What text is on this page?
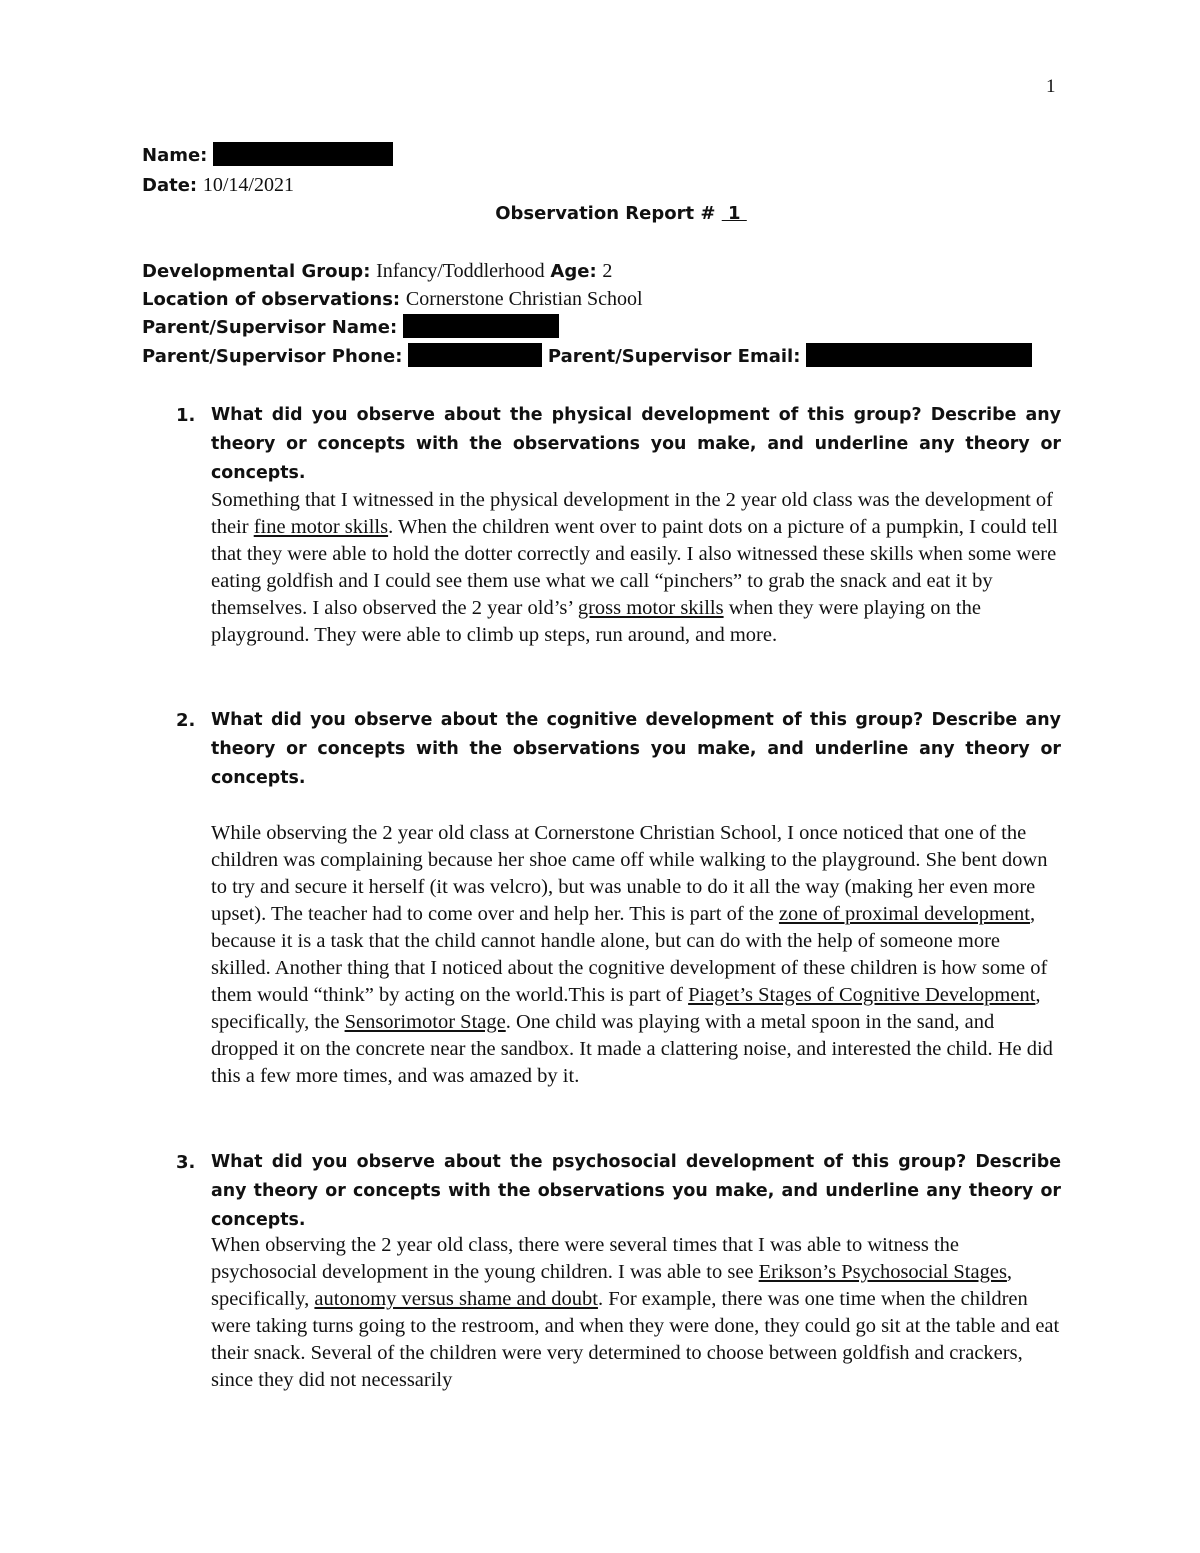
1
Name:
Date: 10/14/2021
Observation Report #  1
Developmental Group: Infancy/Toddlerhood Age: 2
Location of observations: Cornerstone Christian School
Parent/Supervisor Name:
Parent/Supervisor Phone:	Parent/Supervisor Email:
1. What did you observe about the physical development of this group? Describe any theory or concepts with the observations you make, and underline any theory or concepts.
Something that I witnessed in the physical development in the 2 year old class was the development of their fine motor skills. When the children went over to paint dots on a picture of a pumpkin, I could tell that they were able to hold the dotter correctly and easily. I also witnessed these skills when some were eating goldfish and I could see them use what we call “pinchers” to grab the snack and eat it by themselves. I also observed the 2 year old’s’ gross motor skills when they were playing on the playground. They were able to climb up steps, run around, and more.
2. What did you observe about the cognitive development of this group? Describe any theory or concepts with the observations you make, and underline any theory or concepts.
While observing the 2 year old class at Cornerstone Christian School, I once noticed that one of the children was complaining because her shoe came off while walking to the playground. She bent down to try and secure it herself (it was velcro), but was unable to do it all the way (making her even more upset). The teacher had to come over and help her. This is part of the zone of proximal development, because it is a task that the child cannot handle alone, but can do with the help of someone more skilled. Another thing that I noticed about the cognitive development of these children is how some of them would “think” by acting on the world.This is part of Piaget’s Stages of Cognitive Development, specifically, the Sensorimotor Stage. One child was playing with a metal spoon in the sand, and dropped it on the concrete near the sandbox. It made a clattering noise, and interested the child. He did this a few more times, and was amazed by it.
3. What did you observe about the psychosocial development of this group? Describe any theory or concepts with the observations you make, and underline any theory or concepts.
When observing the 2 year old class, there were several times that I was able to witness the psychosocial development in the young children. I was able to see Erikson’s Psychosocial Stages, specifically, autonomy versus shame and doubt. For example, there was one time when the children were taking turns going to the restroom, and when they were done, they could go sit at the table and eat their snack. Several of the children were very determined to choose between goldfish and crackers, since they did not necessarily
